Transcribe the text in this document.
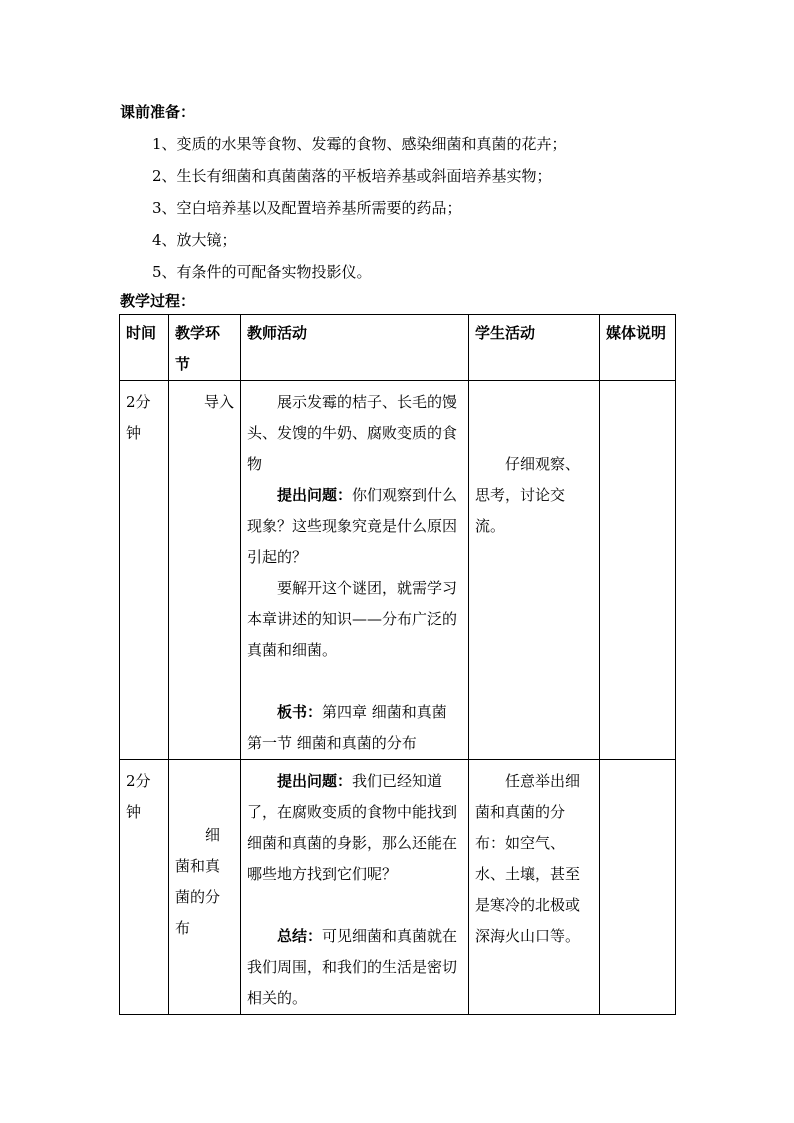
课前准备：
1、变质的水果等食物、发霉的食物、感染细菌和真菌的花卉；
2、生长有细菌和真菌菌落的平板培养基或斜面培养基实物；
3、空白培养基以及配置培养基所需要的药品；
4、放大镜；
5、有条件的可配备实物投影仪。
教学过程：
时间	教学环节	教师活动	学生活动	媒体说明
2分钟	导入	展示发霉的桔子、长毛的馒头、发馊的牛奶、腐败变质的食物

提出问题：你们观察到什么现象？这些现象究竟是什么原因引起的？

要解开这个谜团，就需学习本章讲述的知识——分布广泛的真菌和细菌。

板书：第四章 细菌和真菌 第一节 细菌和真菌的分布	仔细观察、思考，讨论交流。	

2分钟	细菌和真菌的分布	提出问题：我们已经知道了，在腐败变质的食物中能找到细菌和真菌的身影，那么还能在哪些地方找到它们呢？

总结：可见细菌和真菌就在我们周围，和我们的生活是密切相关的。	任意举出细菌和真菌的分布：如空气、水、土壤，甚至是寒冷的北极或深海火山口等。	
